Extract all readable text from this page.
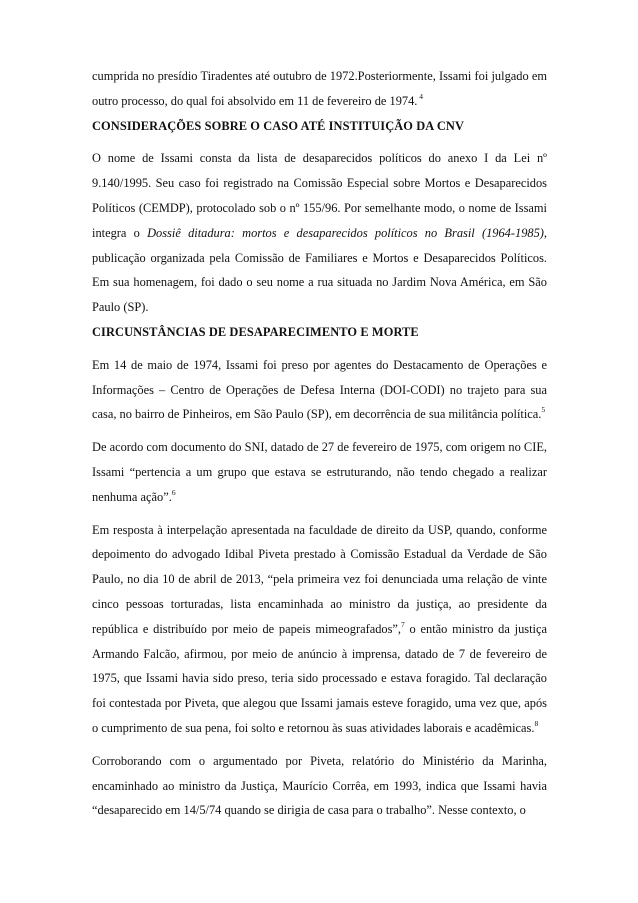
cumprida no presídio Tiradentes até outubro de 1972.Posteriormente, Issami foi julgado em outro processo, do qual foi absolvido em 11 de fevereiro de 1974. $^4$

CONSIDERAÇÕES SOBRE O CASO ATÉ INSTITUIÇÃO DA CNV

O nome de Issami consta da lista de desaparecidos políticos do anexo I da Lei nº 9.140/1995. Seu caso foi registrado na Comissão Especial sobre Mortos e Desaparecidos Políticos (CEMDP), protocolado sob o nº 155/96. Por semelhante modo, o nome de Issami integra o Dossiê ditadura: mortos e desaparecidos políticos no Brasil (1964-1985), publicação organizada pela Comissão de Familiares e Mortos e Desaparecidos Políticos. Em sua homenagem, foi dado o seu nome a rua situada no Jardim Nova América, em São Paulo (SP).

CIRCUNSTÂNCIAS DE DESAPARECIMENTO E MORTE

Em 14 de maio de 1974, Issami foi preso por agentes do Destacamento de Operações e Informações – Centro de Operações de Defesa Interna (DOI-CODI) no trajeto para sua casa, no bairro de Pinheiros, em São Paulo (SP), em decorrência de sua militância política.$^5$

De acordo com documento do SNI, datado de 27 de fevereiro de 1975, com origem no CIE, Issami “pertencia a um grupo que estava se estruturando, não tendo chegado a realizar nenhuma ação”.$^6$

Em resposta à interpelação apresentada na faculdade de direito da USP, quando, conforme depoimento do advogado Idibal Piveta prestado à Comissão Estadual da Verdade de São Paulo, no dia 10 de abril de 2013, “pela primeira vez foi denunciada uma relação de vinte cinco pessoas torturadas, lista encaminhada ao ministro da justiça, ao presidente da república e distribuído por meio de papeis mimeografados”,$^7$ o então ministro da justiça Armando Falcão, afirmou, por meio de anúncio à imprensa, datado de 7 de fevereiro de 1975, que Issami havia sido preso, teria sido processado e estava foragido. Tal declaração foi contestada por Piveta, que alegou que Issami jamais esteve foragido, uma vez que, após o cumprimento de sua pena, foi solto e retornou às suas atividades laborais e acadêmicas.$^8$

Corroborando com o argumentado por Piveta, relatório do Ministério da Marinha, encaminhado ao ministro da Justiça, Maurício Corrêa, em 1993, indica que Issami havia “desaparecido em 14/5/74 quando se dirigia de casa para o trabalho”. Nesse contexto, o
